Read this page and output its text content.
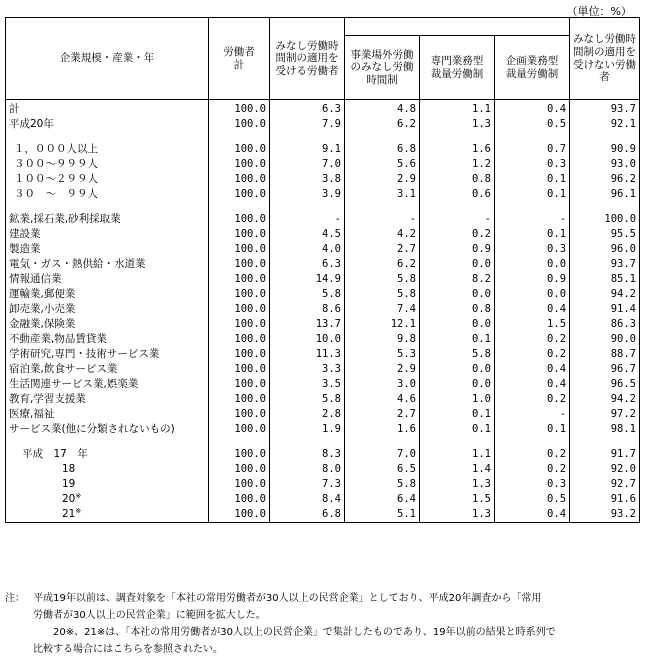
（単位：%）
企業規模・産業・年	労働者計	みなし労働時間制の適用を受ける労働者				みなし労働時間制の適用を受けない労働者
			事業場外労働のみなし労働時間制	専門業務型裁量労働制	企画業務型裁量労働制	
計	100.0	6.3	4.8	1.1	0.4	93.7
平成20年	100.0	7.9	6.2	1.3	0.5	92.1

１，０００人以上	100.0	9.1	6.8	1.6	0.7	90.9
３００～９９９人	100.0	7.0	5.6	1.2	0.3	93.0
１００～２９９人	100.0	3.8	2.9	0.8	0.1	96.2
３０　～　９９人	100.0	3.9	3.1	0.6	0.1	96.1

鉱業,採石業,砂利採取業	100.0	-	-	-	-	100.0
建設業	100.0	4.5	4.2	0.2	0.1	95.5
製造業	100.0	4.0	2.7	0.9	0.3	96.0
電気・ガス・熱供給・水道業	100.0	6.3	6.2	0.0	0.0	93.7
情報通信業	100.0	14.9	5.8	8.2	0.9	85.1
運輸業,郵便業	100.0	5.8	5.8	0.0	0.0	94.2
卸売業,小売業	100.0	8.6	7.4	0.8	0.4	91.4
金融業,保険業	100.0	13.7	12.1	0.0	1.5	86.3
不動産業,物品賃貸業	100.0	10.0	9.8	0.1	0.2	90.0
学術研究,専門・技術サービス業	100.0	11.3	5.3	5.8	0.2	88.7
宿泊業,飲食サービス業	100.0	3.3	2.9	0.0	0.4	96.7
生活関連サービス業,娯楽業	100.0	3.5	3.0	0.0	0.4	96.5
教育,学習支援業	100.0	5.8	4.6	1.0	0.2	94.2
医療,福祉	100.0	2.8	2.7	0.1	-	97.2
サービス業(他に分類されないもの)	100.0	1.9	1.6	0.1	0.1	98.1

平成　17　年	100.0	8.3	7.0	1.1	0.2	91.7
18	100.0	8.0	6.5	1.4	0.2	92.0
19	100.0	7.3	5.8	1.3	0.3	92.7
20※	100.0	8.4	6.4	1.5	0.5	91.6
21※	100.0	6.8	5.1	1.3	0.4	93.2
注：　 平成19年以前は、調査対象を「本社の常用労働者が30人以上の民営企業」としており、平成20年調査から「常用
労働者が30人以上の民営企業」に範囲を拡大した。
　　20※、21※は、「本社の常用労働者が30人以上の民営企業」で集計したものであり、19年以前の結果と時系列で
比較する場合にはこちらを参照されたい。
